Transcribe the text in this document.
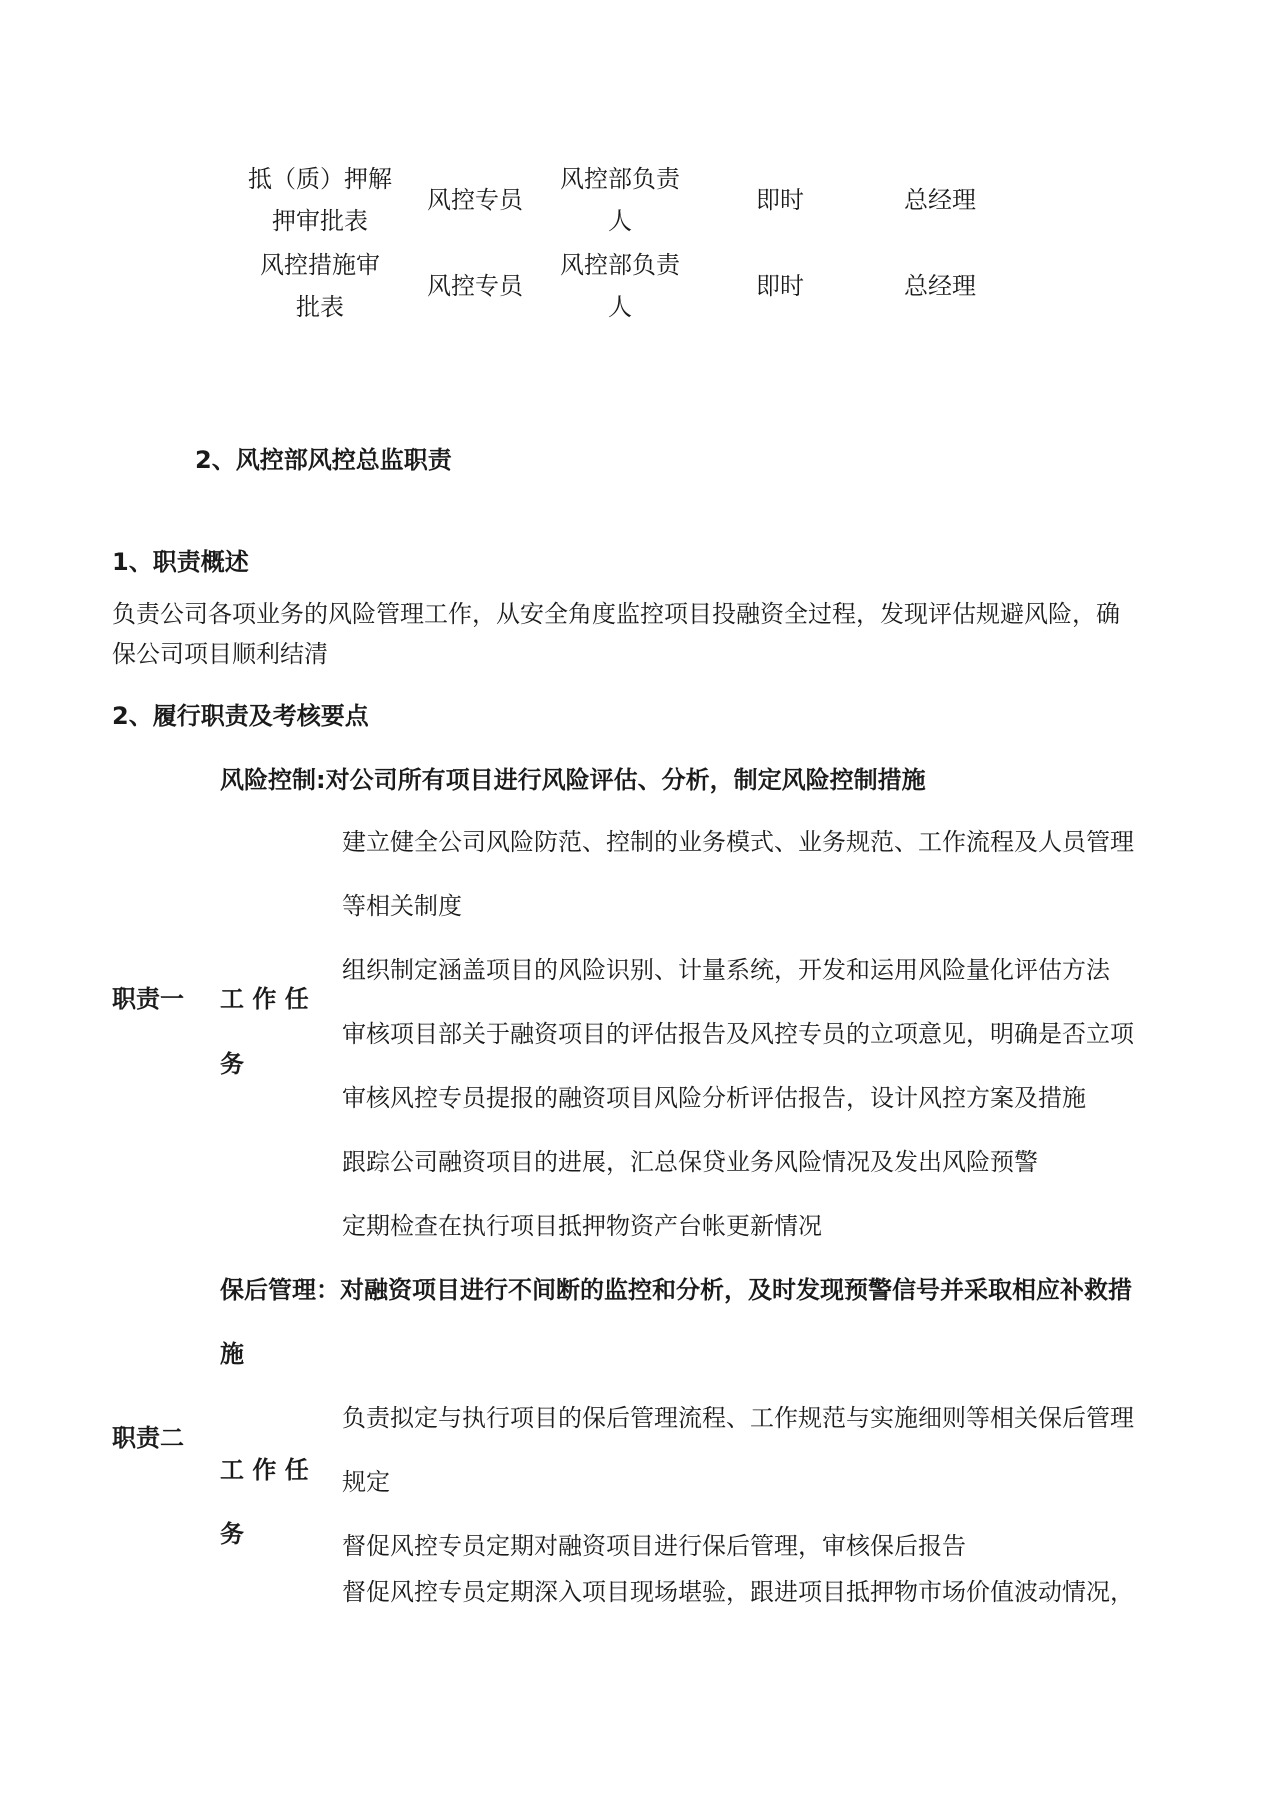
抵（质）押解
押审批表
风控专员
风控部负责
人
即时	总经理
风控措施审
批表
风控专员
风控部负责
人
即时	总经理
2、风控部风控总监职责
1、职责概述
负责公司各项业务的风险管理工作，从安全角度监控项目投融资全过程，发现评估规避风险，确
保公司项目顺利结清
2、履行职责及考核要点
风险控制:对公司所有项目进行风险评估、分析，制定风险控制措施
职责一 工 作 任
务
建立健全公司风险防范、控制的业务模式、业务规范、工作流程及人员管理
等相关制度
组织制定涵盖项目的风险识别、计量系统，开发和运用风险量化评估方法
审核项目部关于融资项目的评估报告及风控专员的立项意见，明确是否立项
审核风控专员提报的融资项目风险分析评估报告，设计风控方案及措施
跟踪公司融资项目的进展，汇总保贷业务风险情况及发出风险预警
定期检查在执行项目抵押物资产台帐更新情况
保后管理：对融资项目进行不间断的监控和分析，及时发现预警信号并采取相应补救措
施
职责二
工 作 任
务
负责拟定与执行项目的保后管理流程、工作规范与实施细则等相关保后管理
规定
督促风控专员定期对融资项目进行保后管理，审核保后报告
督促风控专员定期深入项目现场堪验，跟进项目抵押物市场价值波动情况，
